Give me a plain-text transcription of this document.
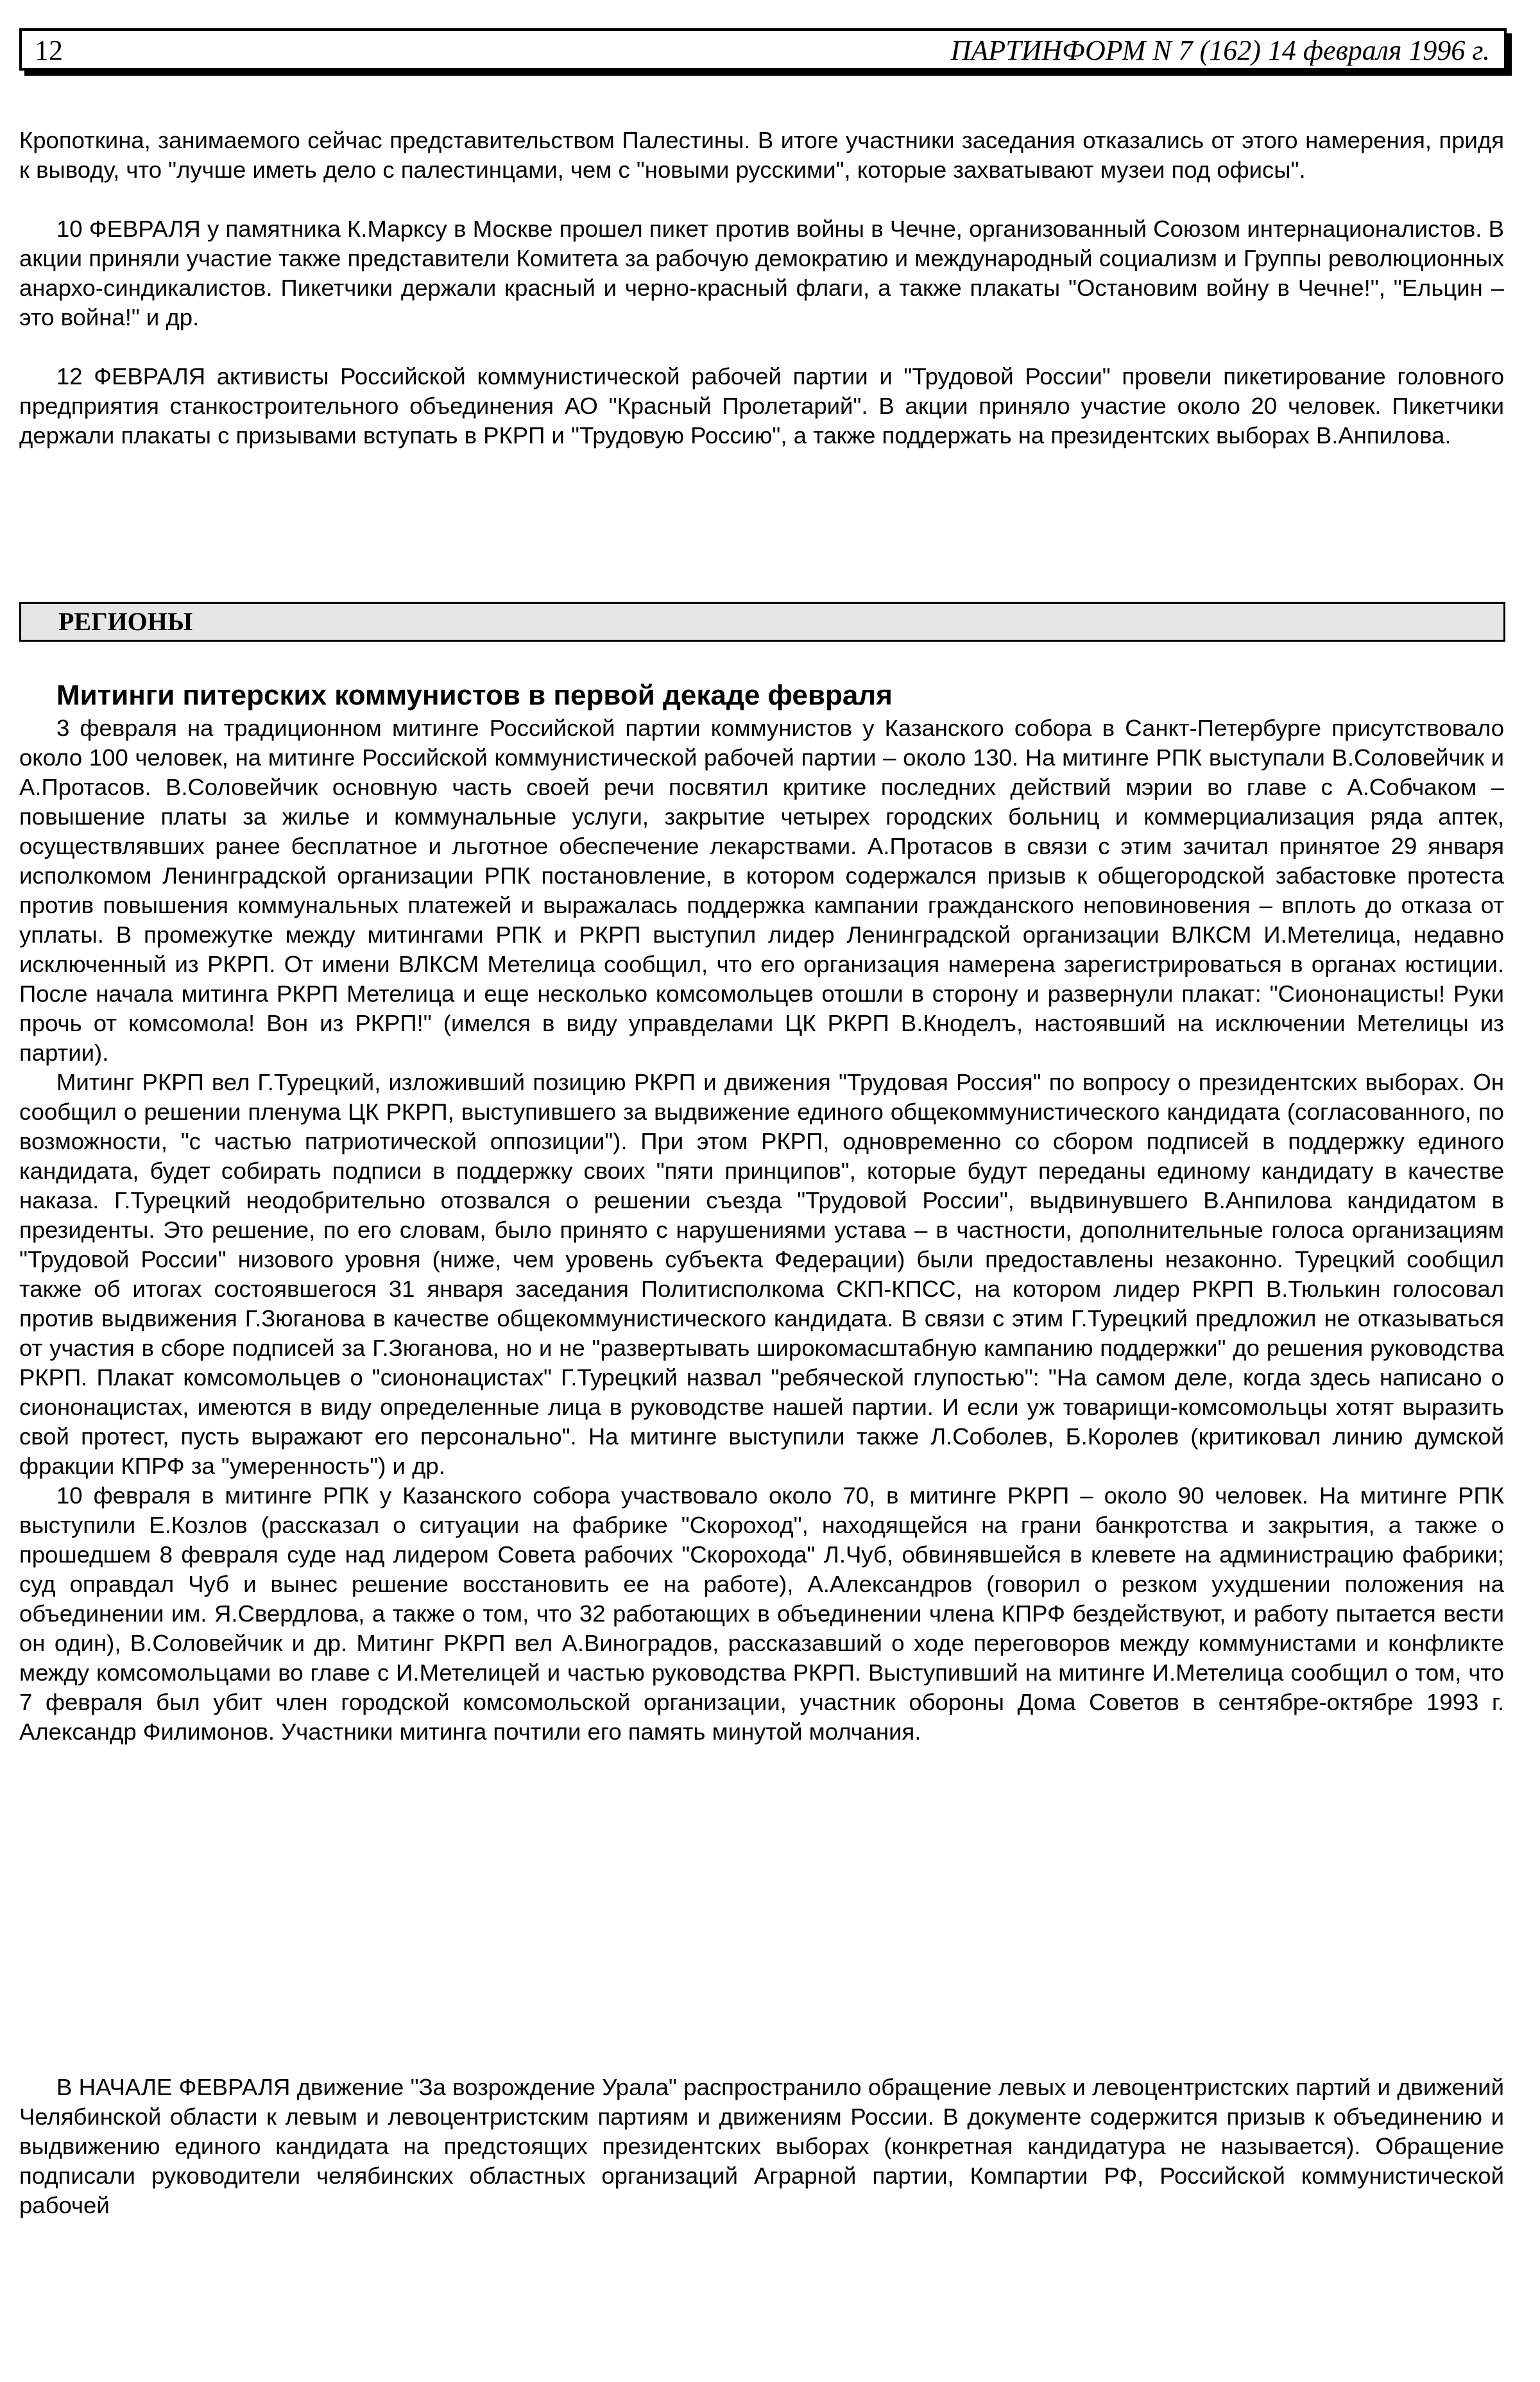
12	ПАРТИНФОРМ N 7 (162) 14 февраля 1996 г.

Кропоткина, занимаемого сейчас представительством Палестины. В итоге участники заседания отказались от этого намерения, придя к выводу, что "лучше иметь дело с палестинцами, чем с "новыми русскими", которые захватывают музеи под офисы".

10 ФЕВРАЛЯ у памятника К.Марксу в Москве прошел пикет против войны в Чечне, организованный Союзом интернационалистов. В акции приняли участие также представители Комитета за рабочую демократию и международный социализм и Группы революционных анархо-синдикалистов. Пикетчики держали красный и черно-красный флаги, а также плакаты "Остановим войну в Чечне!", "Ельцин – это война!" и др.

12 ФЕВРАЛЯ активисты Российской коммунистической рабочей партии и "Трудовой России" провели пикетирование головного предприятия станкостроительного объединения АО "Красный Пролетарий". В акции приняло участие около 20 человек. Пикетчики держали плакаты с призывами вступать в РКРП и "Трудовую Россию", а также поддержать на президентских выборах В.Анпилова.

РЕГИОНЫ
Митинги питерских коммунистов в первой декаде февраля

3 февраля на традиционном митинге Российской партии коммунистов у Казанского собора в Санкт-Петербурге присутствовало около 100 человек, на митинге Российской коммунистической рабочей партии – около 130. На митинге РПК выступали В.Соловейчик и А.Протасов. В.Соловейчик основную часть своей речи посвятил критике последних действий мэрии во главе с А.Собчаком – повышение платы за жилье и коммунальные услуги, закрытие четырех городских больниц и коммерциализация ряда аптек, осуществлявших ранее бесплатное и льготное обеспечение лекарствами. А.Протасов в связи с этим зачитал принятое 29 января исполкомом Ленинградской организации РПК постановление, в котором содержался призыв к общегородской забастовке протеста против повышения коммунальных платежей и выражалась поддержка кампании гражданского неповиновения – вплоть до отказа от уплаты. В промежутке между митингами РПК и РКРП выступил лидер Ленинградской организации ВЛКСМ И.Метелица, недавно исключенный из РКРП. От имени ВЛКСМ Метелица сообщил, что его организация намерена зарегистрироваться в органах юстиции. После начала митинга РКРП Метелица и еще несколько комсомольцев отошли в сторону и развернули плакат: "Сиононацисты! Руки прочь от комсомола! Вон из РКРП!" (имелся в виду управделами ЦК РКРП В.Кноделъ, настоявший на исключении Метелицы из партии).

Митинг РКРП вел Г.Турецкий, изложивший позицию РКРП и движения "Трудовая Россия" по вопросу о президентских выборах. Он сообщил о решении пленума ЦК РКРП, выступившего за выдвижение единого общекоммунистического кандидата (согласованного, по возможности, "с частью патриотической оппозиции"). При этом РКРП, одновременно со сбором подписей в поддержку единого кандидата, будет собирать подписи в поддержку своих "пяти принципов", которые будут переданы единому кандидату в качестве наказа. Г.Турецкий неодобрительно отозвался о решении съезда "Трудовой России", выдвинувшего В.Анпилова кандидатом в президенты. Это решение, по его словам, было принято с нарушениями устава – в частности, дополнительные голоса организациям "Трудовой России" низового уровня (ниже, чем уровень субъекта Федерации) были предоставлены незаконно. Турецкий сообщил также об итогах состоявшегося 31 января заседания Политисполкома СКП-КПСС, на котором лидер РКРП В.Тюлькин голосовал против выдвижения Г.Зюганова в качестве общекоммунистического кандидата. В связи с этим Г.Турецкий предложил не отказываться от участия в сборе подписей за Г.Зюганова, но и не "развертывать широкомасштабную кампанию поддержки" до решения руководства РКРП. Плакат комсомольцев о "сиононацистах" Г.Турецкий назвал "ребяческой глупостью": "На самом деле, когда здесь написано о сиононацистах, имеются в виду определенные лица в руководстве нашей партии. И если уж товарищи-комсомольцы хотят выразить свой протест, пусть выражают его персонально". На митинге выступили также Л.Соболев, Б.Королев (критиковал линию думской фракции КПРФ за "умеренность") и др.

10 февраля в митинге РПК у Казанского собора участвовало около 70, в митинге РКРП – около 90 человек. На митинге РПК выступили Е.Козлов (рассказал о ситуации на фабрике "Скороход", находящейся на грани банкротства и закрытия, а также о прошедшем 8 февраля суде над лидером Совета рабочих "Скорохода" Л.Чуб, обвинявшейся в клевете на администрацию фабрики; суд оправдал Чуб и вынес решение восстановить ее на работе), А.Александров (говорил о резком ухудшении положения на объединении им. Я.Свердлова, а также о том, что 32 работающих в объединении члена КПРФ бездействуют, и работу пытается вести он один), В.Соловейчик и др. Митинг РКРП вел А.Виноградов, рассказавший о ходе переговоров между коммунистами и конфликте между комсомольцами во главе с И.Метелицей и частью руководства РКРП. Выступивший на митинге И.Метелица сообщил о том, что 7 февраля был убит член городской комсомольской организации, участник обороны Дома Советов в сентябре-октябре 1993 г. Александр Филимонов. Участники митинга почтили его память минутой молчания.

В НАЧАЛЕ ФЕВРАЛЯ движение "За возрождение Урала" распространило обращение левых и левоцентристских партий и движений Челябинской области к левым и левоцентристским партиям и движениям России. В документе содержится призыв к объединению и выдвижению единого кандидата на предстоящих президентских выборах (конкретная кандидатура не называется). Обращение подписали руководители челябинских областных организаций Аграрной партии, Компартии РФ, Российской коммунистической рабочей
